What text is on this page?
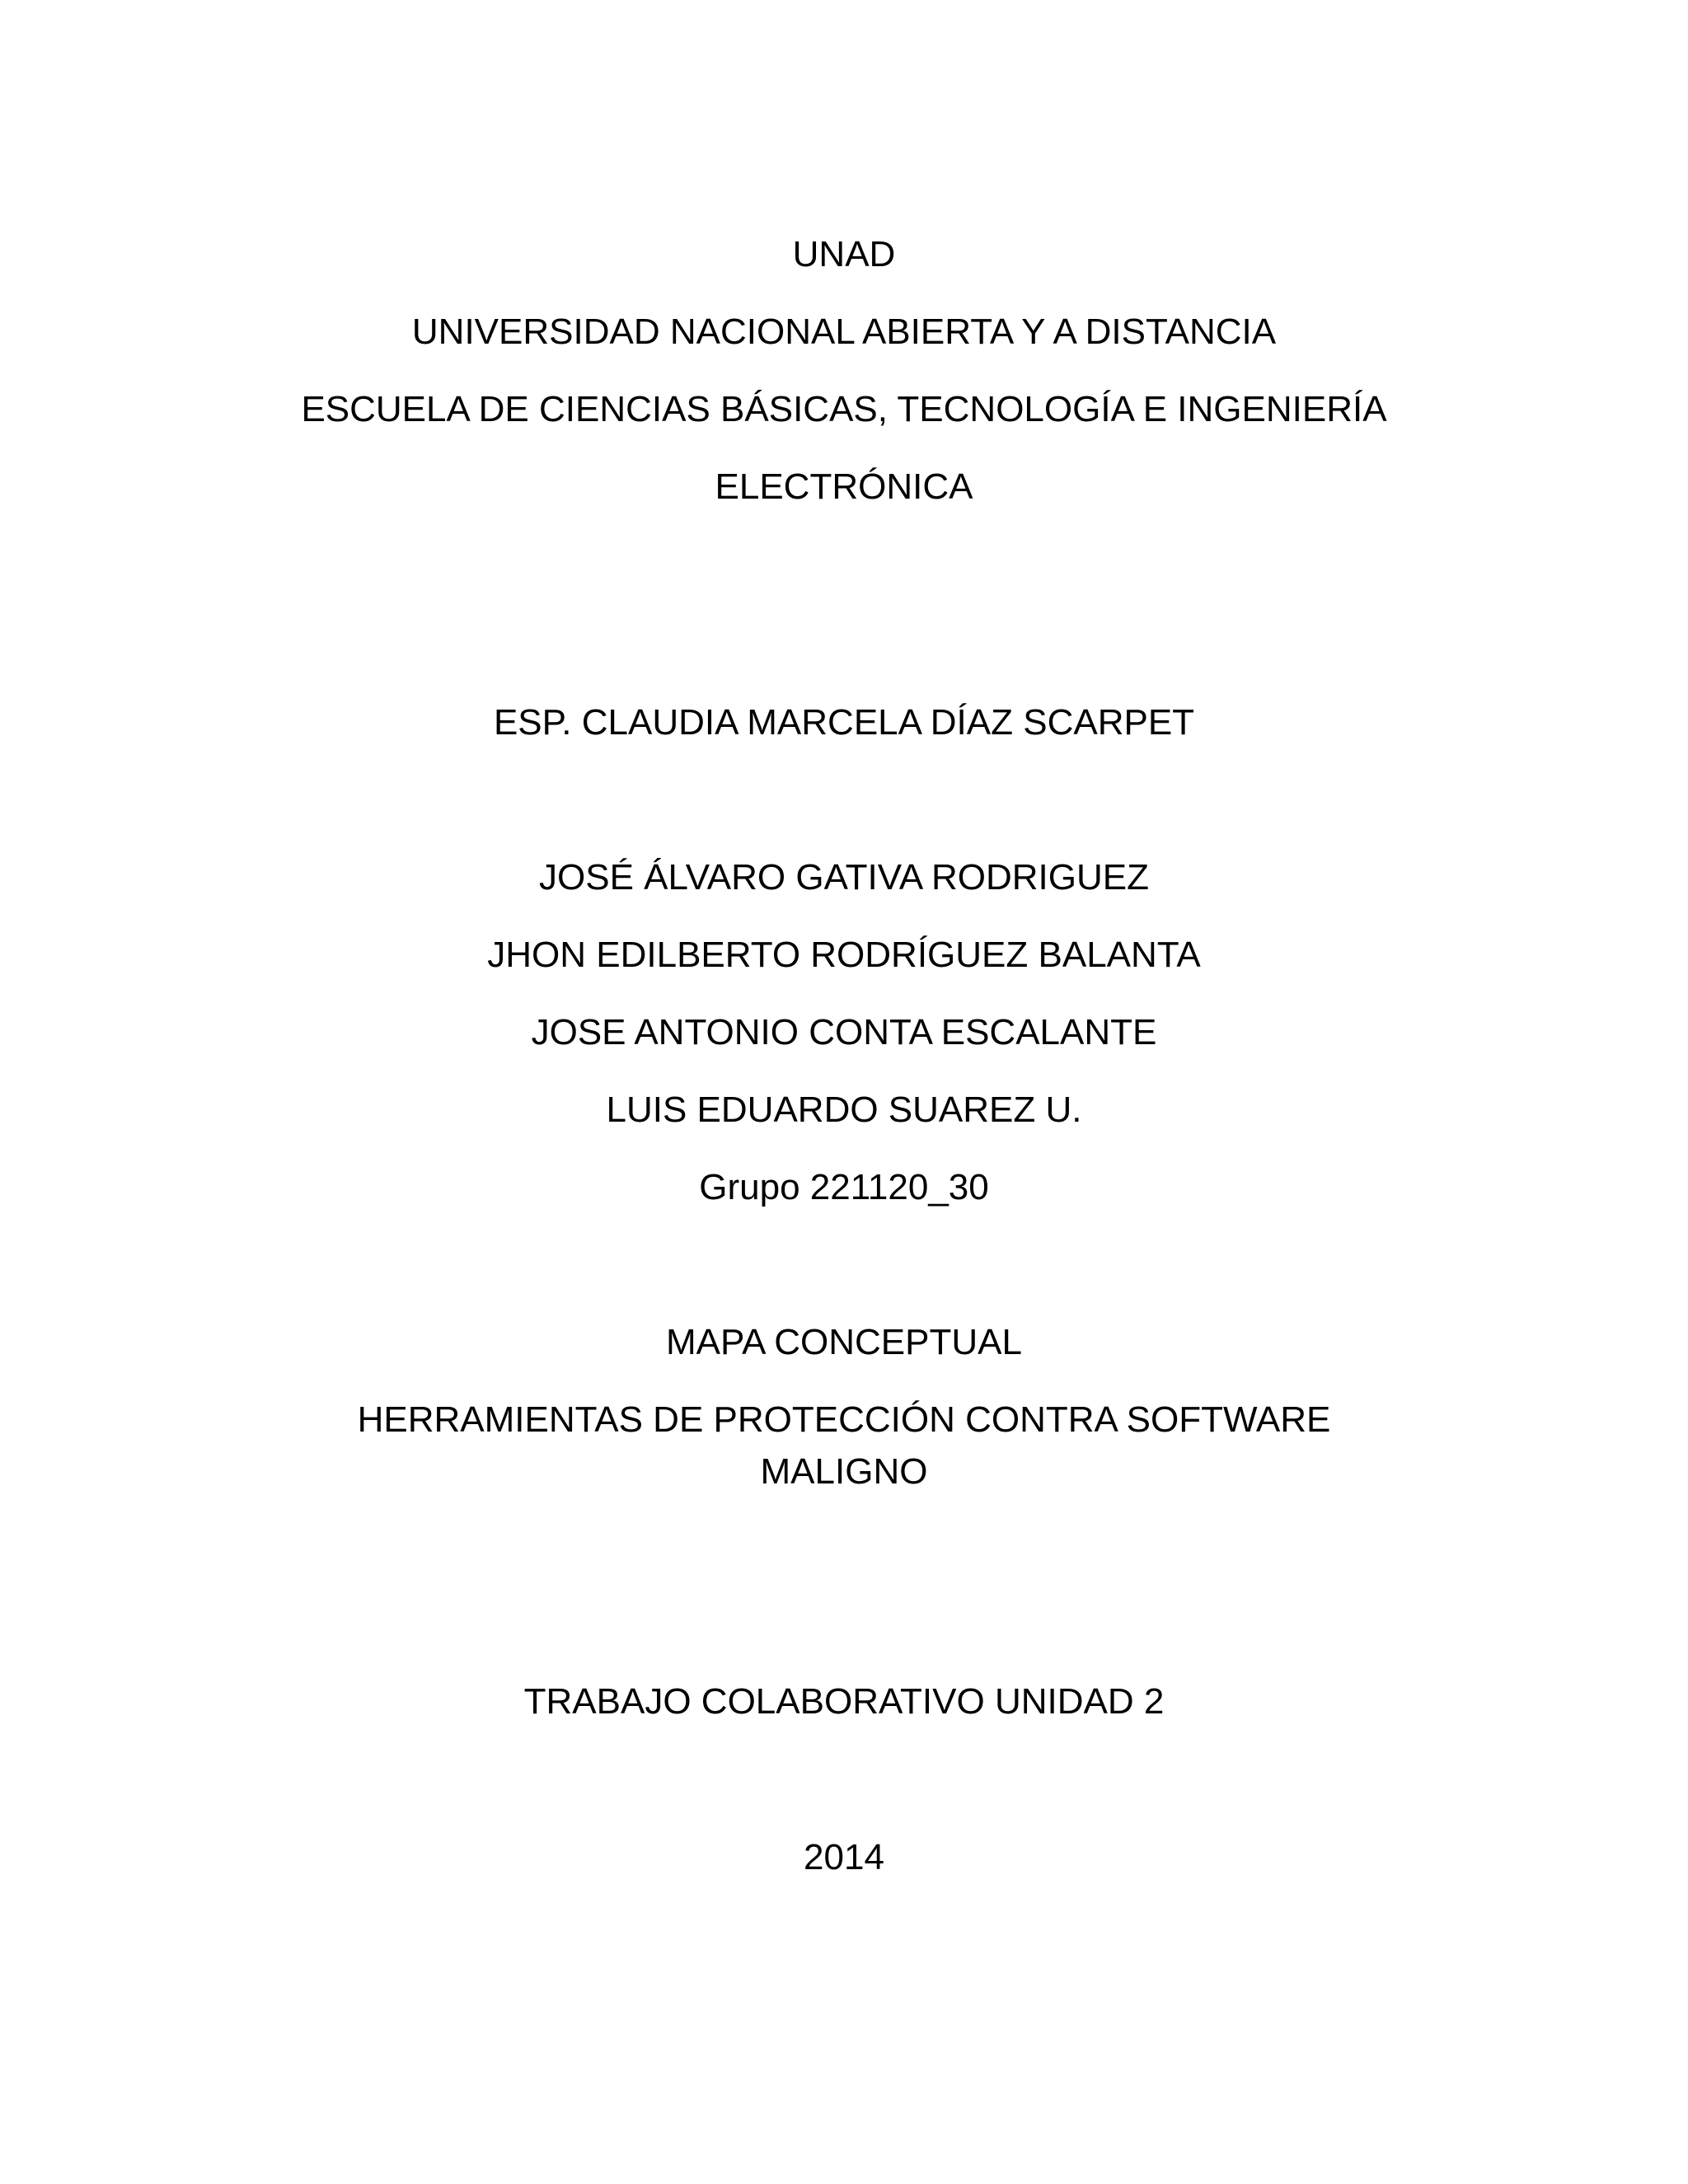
UNAD
UNIVERSIDAD NACIONAL ABIERTA Y A DISTANCIA
ESCUELA DE CIENCIAS BÁSICAS, TECNOLOGÍA E INGENIERÍA
ELECTRÓNICA
ESP. CLAUDIA MARCELA DÍAZ SCARPET
JOSÉ ÁLVARO GATIVA RODRIGUEZ
JHON EDILBERTO RODRÍGUEZ BALANTA
JOSE ANTONIO CONTA ESCALANTE
LUIS EDUARDO SUAREZ U.
Grupo 221120_30
MAPA CONCEPTUAL
HERRAMIENTAS DE PROTECCIÓN CONTRA SOFTWARE
MALIGNO
TRABAJO COLABORATIVO UNIDAD 2
2014
